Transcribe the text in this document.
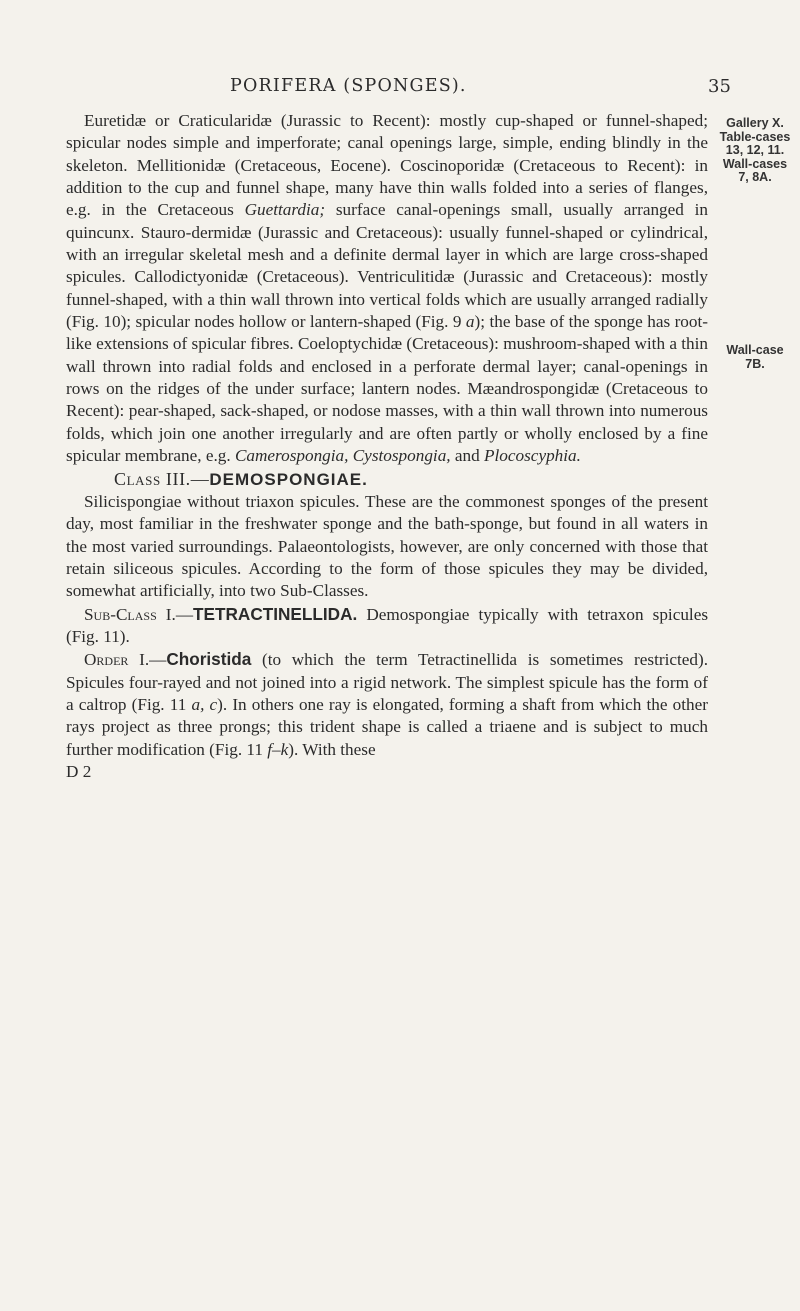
PORIFERA (SPONGES).	35
Gallery X.
Table-cases
13, 12, 11.
Wall-cases
7, 8A.
Wall-case
7B.

Euretidæ or Craticularidæ (Jurassic to Recent): mostly cup-shaped or funnel-shaped; spicular nodes simple and imperforate; canal openings large, simple, ending blindly in the skeleton. Mellitionidæ (Cretaceous, Eocene). Coscinoporidæ (Cretaceous to Recent): in addition to the cup and funnel shape, many have thin walls folded into a series of flanges, e.g. in the Cretaceous Guettardia; surface canal-openings small, usually arranged in quincunx. Stauro-dermidæ (Jurassic and Cretaceous): usually funnel-shaped or cylindrical, with an irregular skeletal mesh and a definite dermal layer in which are large cross-shaped spicules. Callodictyonidæ (Cretaceous). Ventriculitidæ (Jurassic and Cretaceous): mostly funnel-shaped, with a thin wall thrown into vertical folds which are usually arranged radially (Fig. 10); spicular nodes hollow or lantern-shaped (Fig. 9 a); the base of the sponge has root-like extensions of spicular fibres. Coeloptychidæ (Cretaceous): mushroom-shaped with a thin wall thrown into radial folds and enclosed in a perforate dermal layer; canal-openings in rows on the ridges of the under surface; lantern nodes. Mæandrospongidæ (Cretaceous to Recent): pear-shaped, sack-shaped, or nodose masses, with a thin wall thrown into numerous folds, which join one another irregularly and are often partly or wholly enclosed by a fine spicular membrane, e.g. Camerospongia, Cystospongia, and Plocoscyphia.

Class III.—DEMOSPONGIAE.

Silicispongiae without triaxon spicules. These are the commonest sponges of the present day, most familiar in the freshwater sponge and the bath-sponge, but found in all waters in the most varied surroundings. Palaeontologists, however, are only concerned with those that retain siliceous spicules. According to the form of those spicules they may be divided, somewhat artificially, into two Sub-Classes.

Sub-Class I.—TETRACTINELLIDA. Demospongiae typically with tetraxon spicules (Fig. 11).

Order I.—Choristida (to which the term Tetractinellida is sometimes restricted). Spicules four-rayed and not joined into a rigid network. The simplest spicule has the form of a caltrop (Fig. 11 a, c). In others one ray is elongated, forming a shaft from which the other rays project as three prongs; this trident shape is called a triaene and is subject to much further modification (Fig. 11 f–k). With these

D 2
